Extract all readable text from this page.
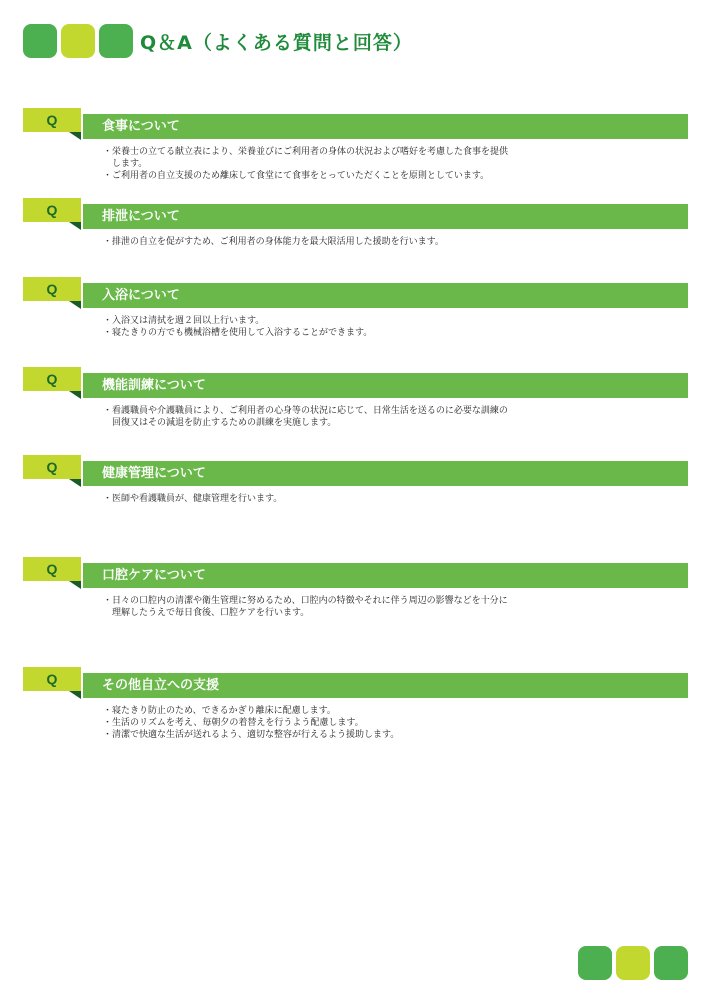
Q＆A（よくある質問と回答）
Q	食事について
・栄養士の立てる献立表により、栄養並びにご利用者の身体の状況および嗜好を考慮した食事を提供
　します。
・ご利用者の自立支援のため離床して食堂にて食事をとっていただくことを原則としています。
Q	排泄について
・排泄の自立を促がすため、ご利用者の身体能力を最大限活用した援助を行います。
Q	入浴について
・入浴又は清拭を週２回以上行います。
・寝たきりの方でも機械浴槽を使用して入浴することができます。
Q	機能訓練について
・看護職員や介護職員により、ご利用者の心身等の状況に応じて、日常生活を送るのに必要な訓練の
　回復又はその減退を防止するための訓練を実施します。
Q	健康管理について
・医師や看護職員が、健康管理を行います。
Q	口腔ケアについて
・日々の口腔内の清潔や衛生管理に努めるため、口腔内の特徴やそれに伴う周辺の影響などを十分に
　理解したうえで毎日食後、口腔ケアを行います。
Q	その他自立への支援
・寝たきり防止のため、できるかぎり離床に配慮します。
・生活のリズムを考え、毎朝夕の着替えを行うよう配慮します。
・清潔で快適な生活が送れるよう、適切な整容が行えるよう援助します。
